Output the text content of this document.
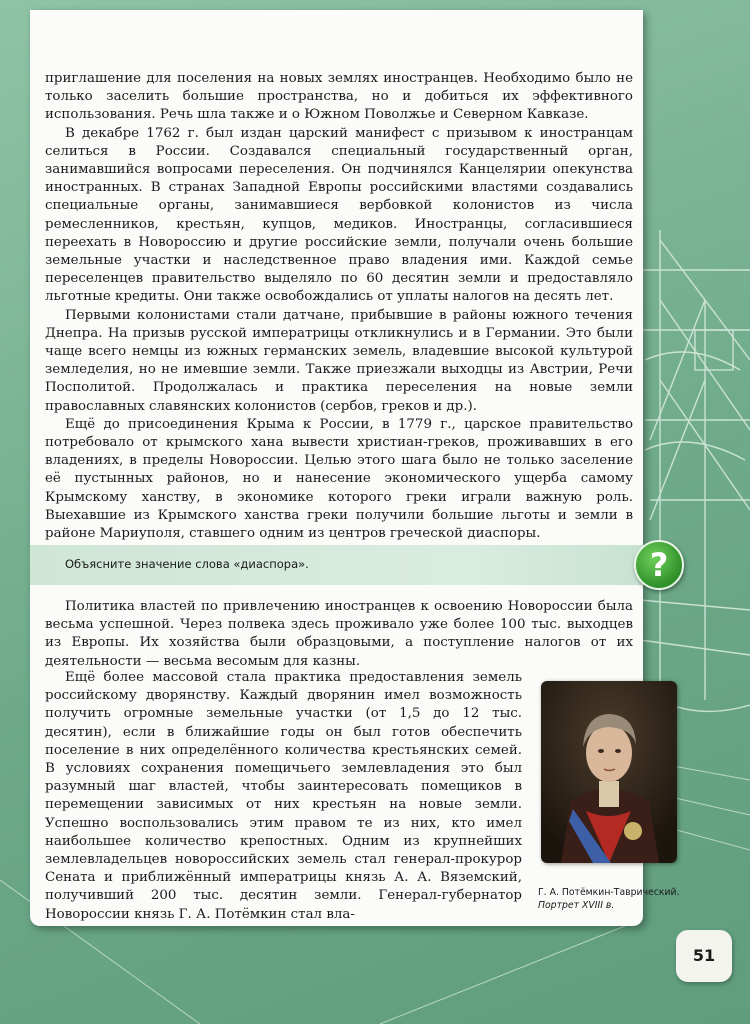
приглашение для поселения на новых землях иностранцев. Необходимо было не только заселить большие пространства, но и добиться их эффективного использования. Речь шла также и о Южном Поволжье и Северном Кавказе.

В декабре 1762 г. был издан царский манифест с призывом к иностранцам селиться в России. Создавался специальный государственный орган, занимавшийся вопросами переселения. Он подчинялся Канцелярии опекунства иностранных. В странах Западной Европы российскими властями создавались специальные органы, занимавшиеся вербовкой колонистов из числа ремесленников, крестьян, купцов, медиков. Иностранцы, согласившиеся переехать в Новороссию и другие российские земли, получали очень большие земельные участки и наследственное право владения ими. Каждой семье переселенцев правительство выделяло по 60 десятин земли и предоставляло льготные кредиты. Они также освобождались от уплаты налогов на десять лет.

Первыми колонистами стали датчане, прибывшие в районы южного течения Днепра. На призыв русской императрицы откликнулись и в Германии. Это были чаще всего немцы из южных германских земель, владевшие высокой культурой земледелия, но не имевшие земли. Также приезжали выходцы из Австрии, Речи Посполитой. Продолжалась и практика переселения на новые земли православных славянских колонистов (сербов, греков и др.).

Ещё до присоединения Крыма к России, в 1779 г., царское правительство потребовало от крымского хана вывести христиан-греков, проживавших в его владениях, в пределы Новороссии. Целью этого шага было не только заселение её пустынных районов, но и нанесение экономического ущерба самому Крымскому ханству, в экономике которого греки играли важную роль. Выехавшие из Крымского ханства греки получили большие льготы и земли в районе Мариуполя, ставшего одним из центров греческой диаспоры.

Объясните значение слова «диаспора».	?

Политика властей по привлечению иностранцев к освоению Новороссии была весьма успешной. Через полвека здесь проживало уже более 100 тыс. выходцев из Европы. Их хозяйства были образцовыми, а поступление налогов от их деятельности — весьма весомым для казны.

Ещё более массовой стала практика предоставления земель российскому дворянству. Каждый дворянин имел возможность получить огромные земельные участки (от 1,5 до 12 тыс. десятин), если в ближайшие годы он был готов обеспечить поселение в них определённого количества крестьянских семей. В условиях сохранения помещичьего землевладения это был разумный шаг властей, чтобы заинтересовать помещиков в перемещении зависимых от них крестьян на новые земли. Успешно воспользовались этим правом те из них, кто имел наибольшее количество крепостных. Одним из крупнейших землевладельцев новороссийских земель стал генерал-прокурор Сената и приближённый императрицы князь А. А. Вяземский, получивший 200 тыс. десятин земли. Генерал-губернатор Новороссии князь Г. А. Потёмкин стал вла-

Г. А. Потёмкин-Таврический.
Портрет XVIII в.
51
